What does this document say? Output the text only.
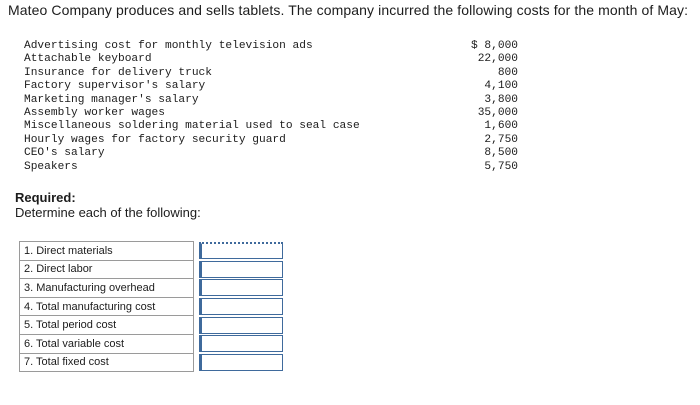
Mateo Company produces and sells tablets. The company incurred the following costs for the month of May:
Advertising cost for monthly television ads	$ 8,000
Attachable keyboard	22,000
Insurance for delivery truck	800
Factory supervisor's salary	4,100
Marketing manager's salary	3,800
Assembly worker wages	35,000
Miscellaneous soldering material used to seal case	1,600
Hourly wages for factory security guard	2,750
CEO's salary	8,500
Speakers	5,750
Required:
Determine each of the following:
1. Direct materials		

2. Direct labor		

3. Manufacturing overhead		

4. Total manufacturing cost		

5. Total period cost		

6. Total variable cost		

7. Total fixed cost		
